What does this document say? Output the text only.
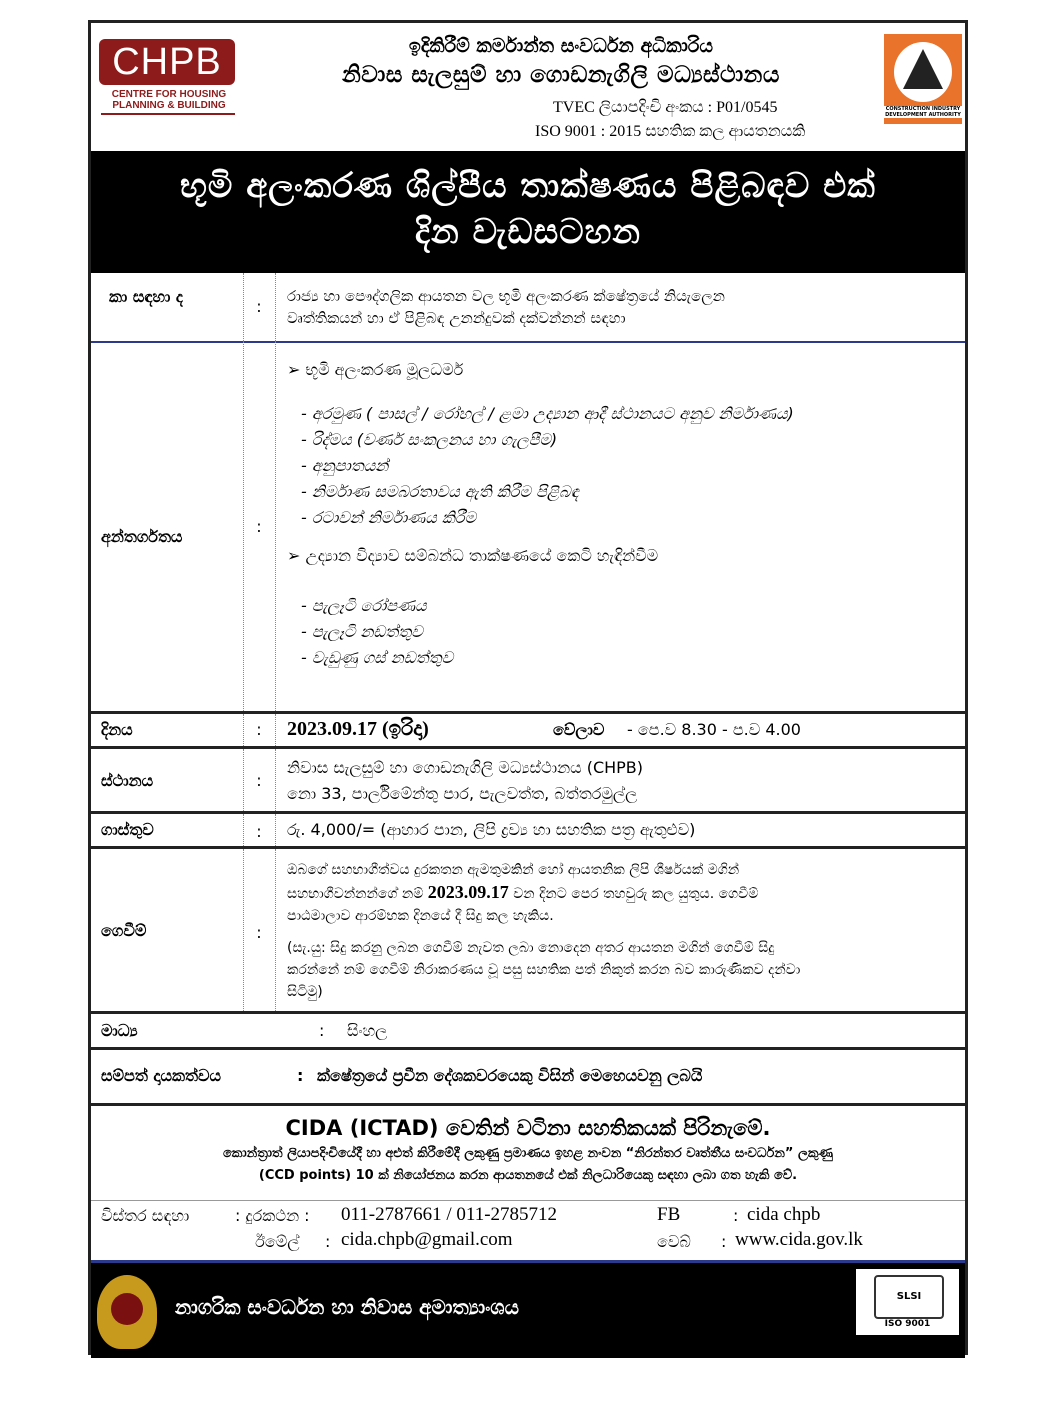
CHPB
CENTRE FOR HOUSING
PLANNING & BUILDING
ඉදිකිරීම් කර්මාන්ත සංවර්ධන අධිකාරිය
නිවාස සැලසුම් හා ගොඩනැගිලි මධ්‍යස්ථානය
TVEC ලියාපදිංචි අංකය : P01/0545
ISO 9001 : 2015 සහතික කල ආයතනයකි
CONSTRUCTION INDUSTRY DEVELOPMENT AUTHORITY
භූමි අලංකරණ ශිල්පීය තාක්ෂණය පිළිබඳව එක්
දින වැඩසටහන
කා සඳහා ද
:
රාජ්‍ය හා පෞද්ගලික ආයතන වල භූමි අලංකරණ ක්ෂේත්‍රයේ නියැලෙන
වෘත්තිකයන් හා ඒ පිළිබඳ උනන්දුවක් දක්වන්නන් සඳහා
අන්තර්ගතය
:
➢ භූමි අලංකරණ මූලධර්ම
- අරමුණ ( පාසල් / රෝහල් / ළමා උද්‍යාන ආදී ස්ථානයට අනුව නිර්මාණය)
- රිද්මය (වර්ණ සංකලනය හා ගැලපීම)
- අනුපාතයන්
- නිර්මාණ සමබරතාවය ඇති කිරීම පිළිබඳ
- රටාවන් නිර්මාණය කිරීම
➢ උද්‍යාන විද්‍යාව සම්බන්ධ තාක්ෂණයේ කෙටි හැඳින්වීම
- පැලෑටි රෝපණය
- පැලෑටි නඩත්තුව
- වැඩුණු ගස් නඩත්තුව
දිනය	:	2023.09.17 (ඉරිදා)	වේලාව - පෙ.ව 8.30 - ප.ව 4.00
ස්ථානය	:
නිවාස සැලසුම් හා ගොඩනැගිලි මධ්‍යස්ථානය (CHPB)
නො 33, පාර්ලිමේන්තු පාර, පැලවත්ත, බත්තරමුල්ල
ගාස්තුව	:	රු. 4,000/= (ආහාර පාන, ලිපි ද්‍රව්‍ය හා සහතික පත්‍ර ඇතුළුව)
ගෙවීම්	:
ඔබගේ සහභාගීත්වය දුරකතන ඇමතුමකින් හෝ ආයතනික ලිපි ශීර්ෂයක් මගින්
සහභාගීවන්නන්ගේ නම් 2023.09.17 වන දිනට පෙර තහවුරු කල යුතුය. ගෙවීම්
පාඨමාලාව ආරම්භක දිනයේ දී සිදු කල හැකිය.
(සැ.යු: සිදු කරනු ලබන ගෙවීම් නැවත ලබා නොදෙන අතර ආයතන මගින් ගෙවීම් සිදු
කරන්නේ නම් ගෙවීම් නිරාකරණය වූ පසු සහතික පත් නිකුත් කරන බව කාරුණිකව දන්වා
සිටිමු)
මාධ්‍ය	: සිංහල
සම්පත් දායකත්වය	: ක්ෂේත්‍රයේ ප්‍රවීන දේශකවරයෙකු විසින් මෙහෙයවනු ලබයි
CIDA (ICTAD) වෙතින් වටිනා සහතිකයක් පිරිනැමේ.
කොන්ත්‍රාත් ලියාපදිංචියේදී හා අළුත් කිරීමේදී ලකුණු ප්‍රමාණය ඉහළ නංවන “නිරන්තර වෘත්තීය සංවර්ධන” ලකුණු
(CCD points) 10 ක් නියෝජනය කරන ආයතනයේ එක් නිලධාරියෙකු සඳහා ලබා ගත හැකි වේ.
විස්තර සඳහා	: දුරකථන : 011-2787661 / 011-2785712	FB	: cida chpb
ඊමේල් : cida.chpb@gmail.com	වෙබ් : www.cida.gov.lk
නාගරික සංවර්ධන හා නිවාස අමාත්‍යාංශය	SLSI
ISO 9001
